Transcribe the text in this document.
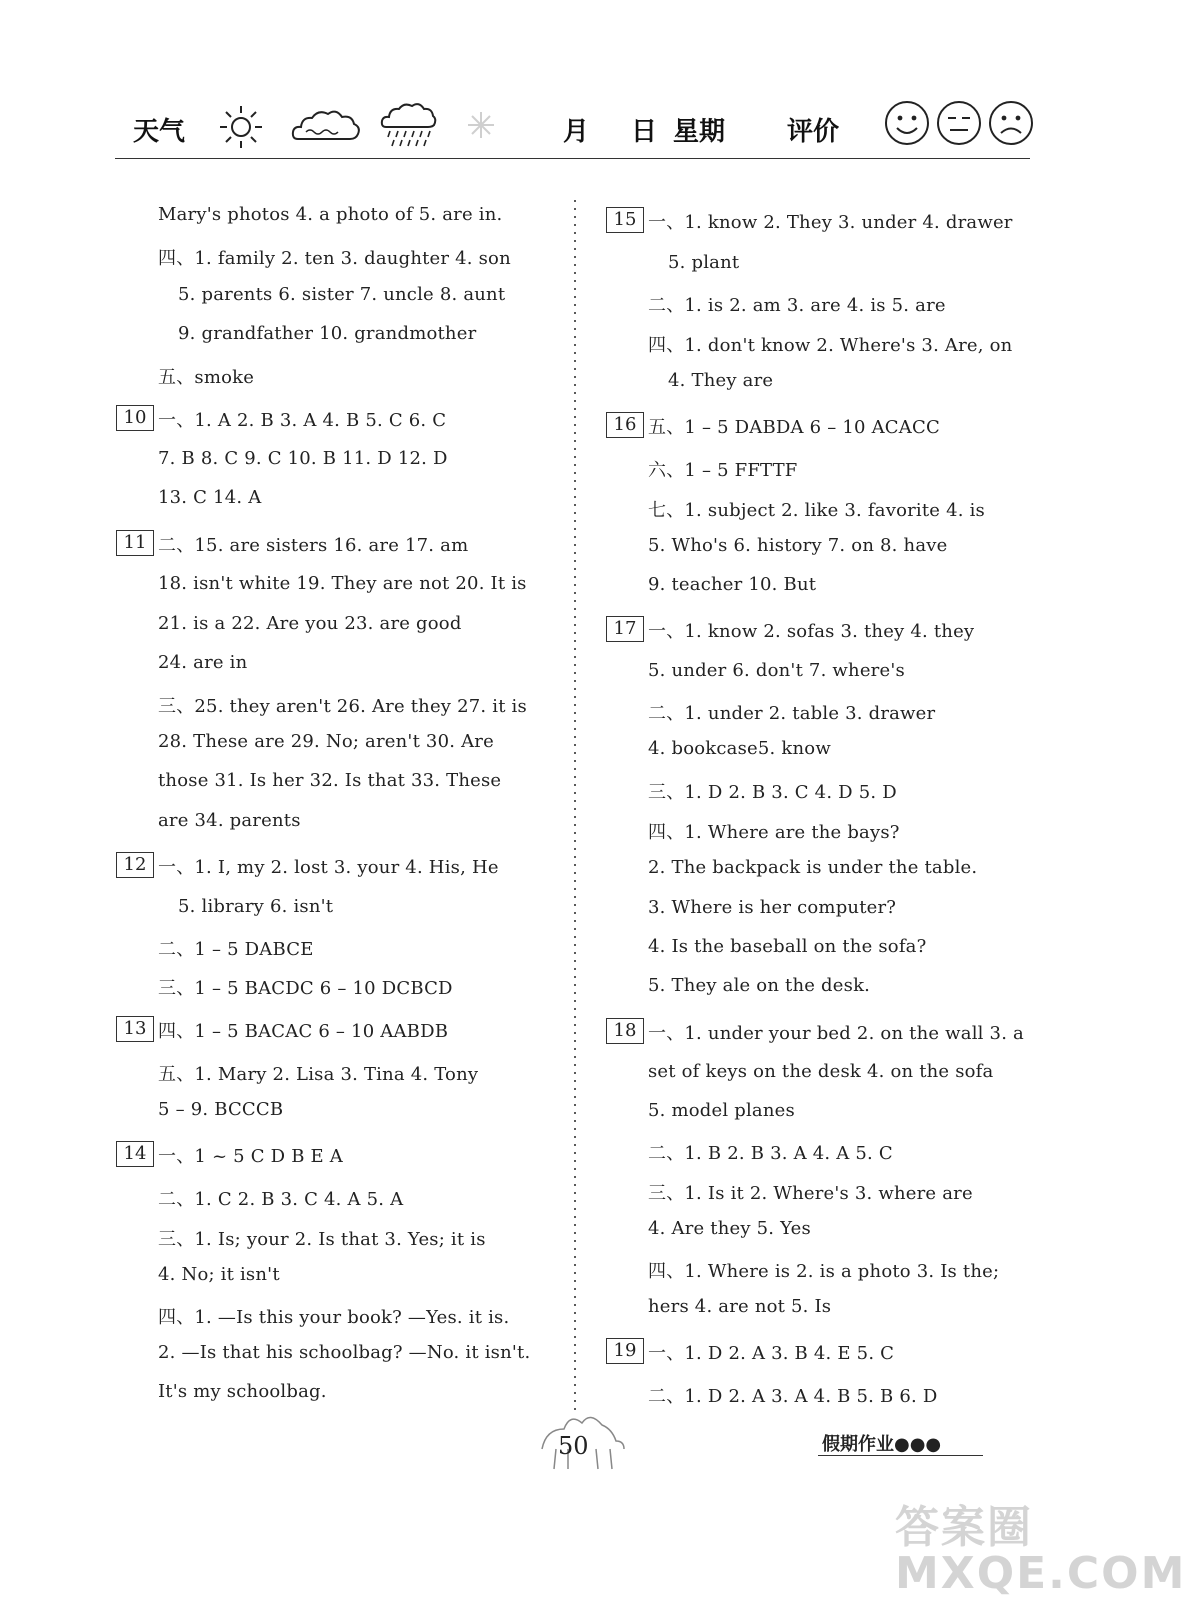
天气	月 日 星期 评价
Mary's photos 4. a photo of 5. are in.
四、1. family 2. ten 3. daughter 4. son
5. parents 6. sister 7. uncle 8. aunt
9. grandfather 10. grandmother
五、smoke
10 一、1. A 2. B 3. A 4. B 5. C 6. C
7. B 8. C 9. C 10. B 11. D 12. D
13. C 14. A
11 二、15. are sisters 16. are 17. am
18. isn't white 19. They are not 20. It is
21. is a 22. Are you 23. are good
24. are in
三、25. they aren't 26. Are they 27. it is
28. These are 29. No; aren't 30. Are
those 31. Is her 32. Is that 33. These
are 34. parents
12 一、1. I, my 2. lost 3. your 4. His, He
5. library 6. isn't
二、1 – 5 DABCE
三、1 – 5 BACDC 6 – 10 DCBCD
13 四、1 – 5 BACAC 6 – 10 AABDB
五、1. Mary 2. Lisa 3. Tina 4. Tony
5 – 9. BCCCB
14 一、1 ~ 5 C D B E A
二、1. C 2. B 3. C 4. A 5. A
三、1. Is; your 2. Is that 3. Yes; it is
4. No; it isn't
四、1. —Is this your book? —Yes. it is.
2. —Is that his schoolbag? —No. it isn't.
It's my schoolbag.
15 一、1. know 2. They 3. under 4. drawer
5. plant
二、1. is 2. am 3. are 4. is 5. are
四、1. don't know 2. Where's 3. Are, on
4. They are
16 五、1 – 5 DABDA 6 – 10 ACACC
六、1 – 5 FFTTF
七、1. subject 2. like 3. favorite 4. is
5. Who's 6. history 7. on 8. have
9. teacher 10. But
17 一、1. know 2. sofas 3. they 4. they
5. under 6. don't 7. where's
二、1. under 2. table 3. drawer
4. bookcase5. know
三、1. D 2. B 3. C 4. D 5. D
四、1. Where are the bays?
2. The backpack is under the table.
3. Where is her computer?
4. Is the baseball on the sofa?
5. They ale on the desk.
18 一、1. under your bed 2. on the wall 3. a
set of keys on the desk 4. on the sofa
5. model planes
二、1. B 2. B 3. A 4. A 5. C
三、1. Is it 2. Where's 3. where are
4. Are they 5. Yes
四、1. Where is 2. is a photo 3. Is the;
hers 4. are not 5. Is
19 一、1. D 2. A 3. B 4. E 5. C
二、1. D 2. A 3. A 4. B 5. B 6. D
50	假期作业●●●
答案圈 MXQE.COM
